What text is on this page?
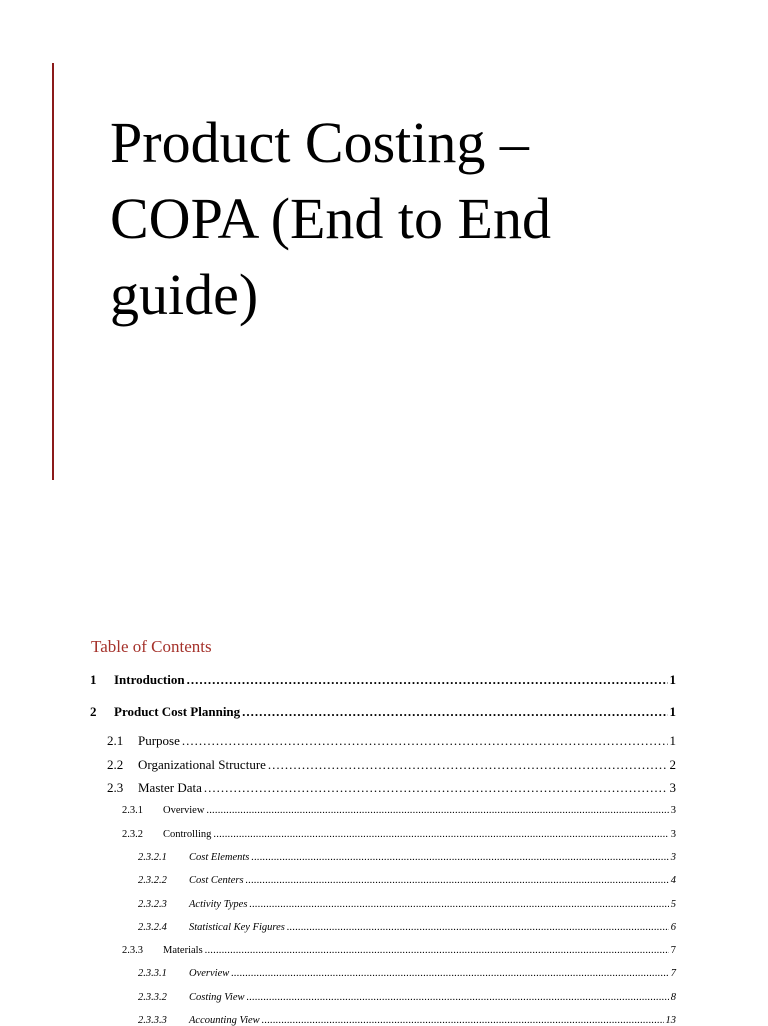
Product Costing –
COPA (End to End
guide)
Table of Contents
1	Introduction .....	1
2	Product Cost Planning .....	1
2.1	Purpose .....	1
2.2	Organizational Structure .....	2
2.3	Master Data .....	3
2.3.1	Overview .....	3
2.3.2	Controlling .....	3
2.3.2.1	Cost Elements .....	3
2.3.2.2	Cost Centers .....	4
2.3.2.3	Activity Types .....	5
2.3.2.4	Statistical Key Figures .....	6
2.3.3	Materials .....	7
2.3.3.1	Overview .....	7
2.3.3.2	Costing View .....	8
2.3.3.3	Accounting View .....	13
